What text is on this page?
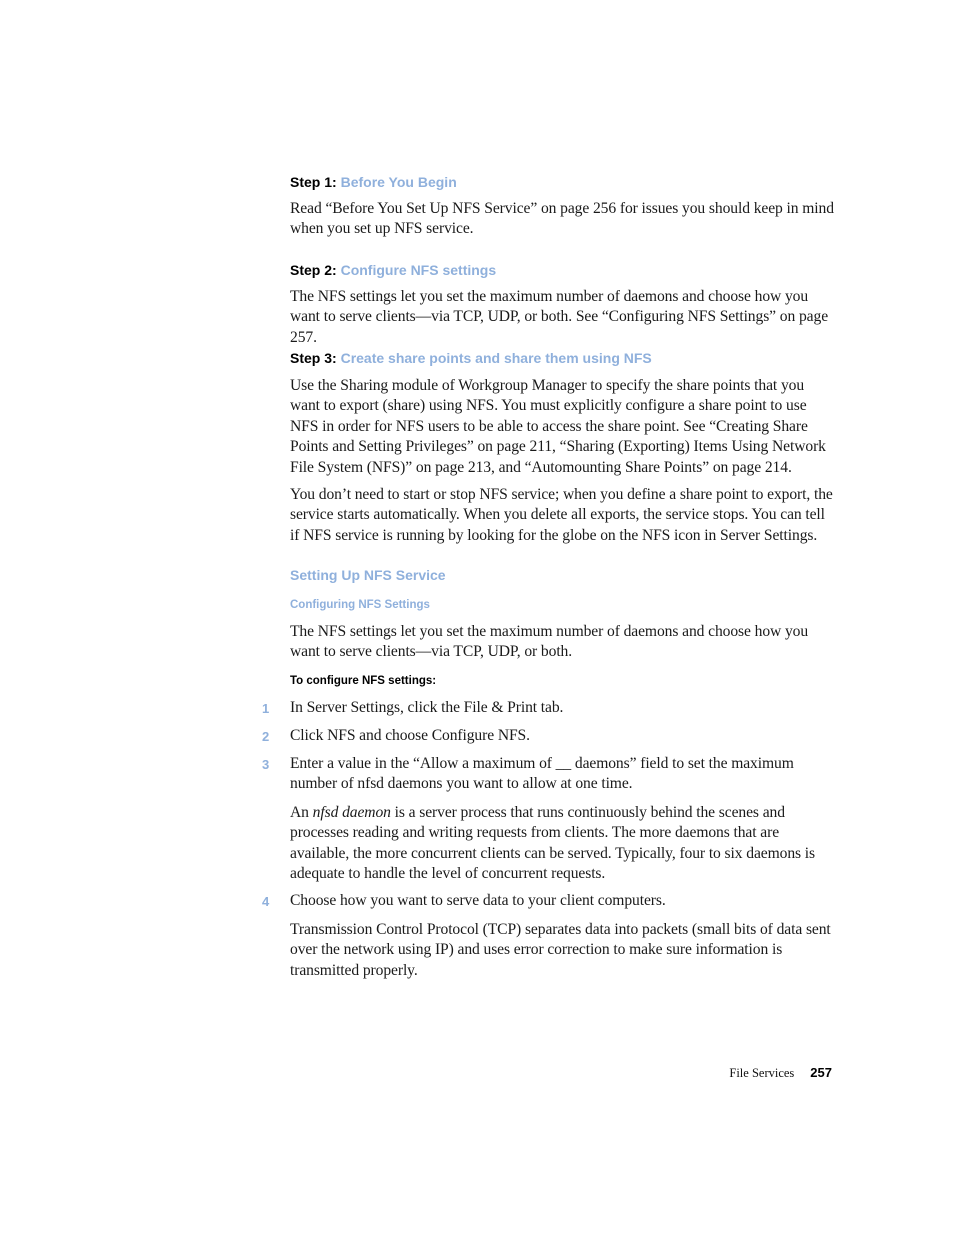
Step 1: Before You Begin

Read “Before You Set Up NFS Service” on page 256 for issues you should keep in mind when you set up NFS service.

Step 2: Configure NFS settings

The NFS settings let you set the maximum number of daemons and choose how you want to serve clients—via TCP, UDP, or both. See “Configuring NFS Settings” on page 257.

Step 3: Create share points and share them using NFS

Use the Sharing module of Workgroup Manager to specify the share points that you want to export (share) using NFS. You must explicitly configure a share point to use NFS in order for NFS users to be able to access the share point. See “Creating Share Points and Setting Privileges” on page 211, “Sharing (Exporting) Items Using Network File System (NFS)” on page 213, and “Automounting Share Points” on page 214.

You don’t need to start or stop NFS service; when you define a share point to export, the service starts automatically. When you delete all exports, the service stops. You can tell if NFS service is running by looking for the globe on the NFS icon in Server Settings.

Setting Up NFS Service
Configuring NFS Settings

The NFS settings let you set the maximum number of daemons and choose how you want to serve clients—via TCP, UDP, or both.

To configure NFS settings:
1	In Server Settings, click the File & Print tab.

2	Click NFS and choose Configure NFS.

3	Enter a value in the “Allow a maximum of __ daemons” field to set the maximum number of nfsd daemons you want to allow at one time.

An nfsd daemon is a server process that runs continuously behind the scenes and processes reading and writing requests from clients. The more daemons that are available, the more concurrent clients can be served. Typically, four to six daemons is adequate to handle the level of concurrent requests.

4	Choose how you want to serve data to your client computers.

Transmission Control Protocol (TCP) separates data into packets (small bits of data sent over the network using IP) and uses error correction to make sure information is transmitted properly.

File Services 257
